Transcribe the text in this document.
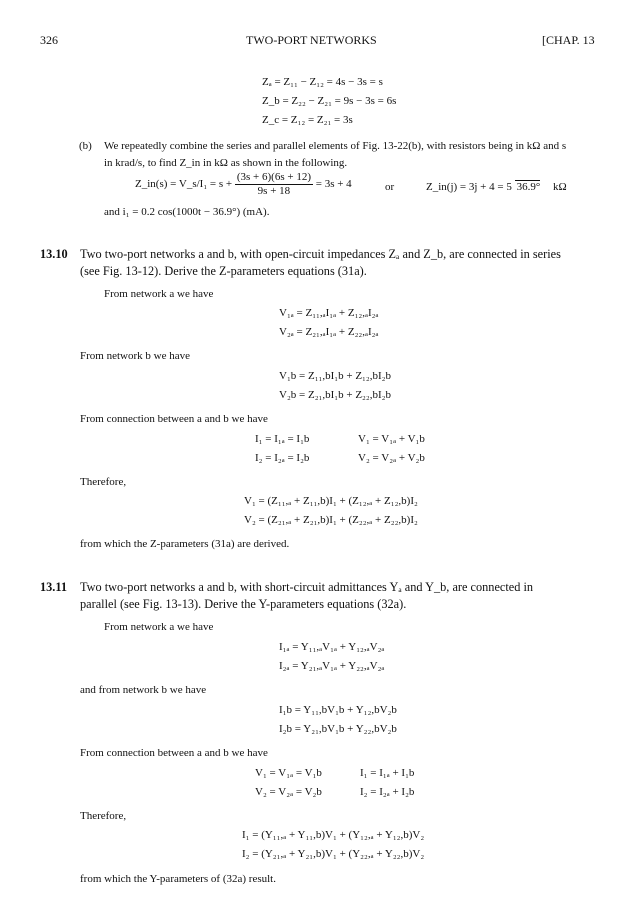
326	TWO-PORT NETWORKS	[CHAP. 13
Zₐ = Z₁₁ − Z₁₂ = 4s − 3s = s
Z_b = Z₂₂ − Z₂₁ = 9s − 3s = 6s
Z_c = Z₁₂ = Z₂₁ = 3s
(b) We repeatedly combine the series and parallel elements of Fig. 13-22(b), with resistors being in kΩ and s
in krad/s, to find Z_in in kΩ as shown in the following.
Z_in(s) = V_s/I₁ = $s + \frac{(3s + 6)(6s + 12)}{9s + 18} = 3s + 4$	or	Z_in(j) = 3j + 4 = 5 36.9° kΩ
and i₁ = 0.2 cos(1000t − 36.9°) (mA).
13.10 Two two-port networks a and b, with open-circuit impedances Zₐ and Z_b, are connected in series
(see Fig. 13-12). Derive the Z-parameters equations (31a).
From network a we have
V₁ₐ = Z₁₁,ₐI₁ₐ + Z₁₂,ₐI₂ₐ
V₂ₐ = Z₂₁,ₐI₁ₐ + Z₂₂,ₐI₂ₐ
From network b we have
V₁b = Z₁₁,bI₁b + Z₁₂,bI₂b
V₂b = Z₂₁,bI₁b + Z₂₂,bI₂b
From connection between a and b we have
I₁ = I₁ₐ = I₁b	V₁ = V₁ₐ + V₁b
I₂ = I₂ₐ = I₂b	V₂ = V₂ₐ + V₂b
Therefore,
V₁ = (Z₁₁,ₐ + Z₁₁,b)I₁ + (Z₁₂,ₐ + Z₁₂,b)I₂
V₂ = (Z₂₁,ₐ + Z₂₁,b)I₁ + (Z₂₂,ₐ + Z₂₂,b)I₂
from which the Z-parameters (31a) are derived.
13.11 Two two-port networks a and b, with short-circuit admittances Yₐ and Y_b, are connected in
parallel (see Fig. 13-13). Derive the Y-parameters equations (32a).
From network a we have
I₁ₐ = Y₁₁,ₐV₁ₐ + Y₁₂,ₐV₂ₐ
I₂ₐ = Y₂₁,ₐV₁ₐ + Y₂₂,ₐV₂ₐ
and from network b we have
I₁b = Y₁₁,bV₁b + Y₁₂,bV₂b
I₂b = Y₂₁,bV₁b + Y₂₂,bV₂b
From connection between a and b we have
V₁ = V₁ₐ = V₁b	I₁ = I₁ₐ + I₁b
V₂ = V₂ₐ = V₂b	I₂ = I₂ₐ + I₂b
Therefore,
I₁ = (Y₁₁,ₐ + Y₁₁,b)V₁ + (Y₁₂,ₐ + Y₁₂,b)V₂
I₂ = (Y₂₁,ₐ + Y₂₁,b)V₁ + (Y₂₂,ₐ + Y₂₂,b)V₂
from which the Y-parameters of (32a) result.
